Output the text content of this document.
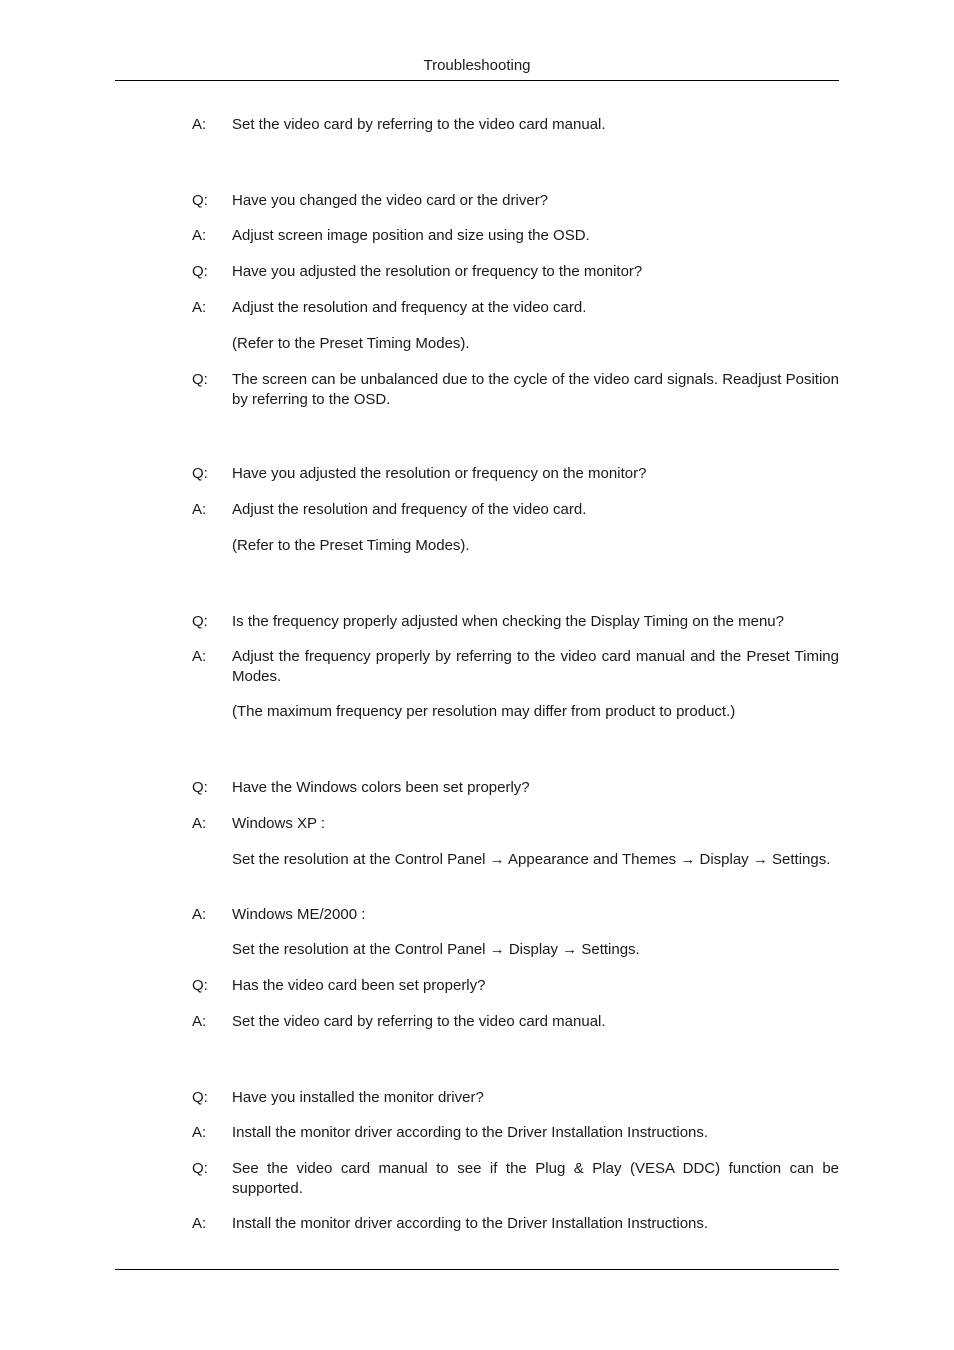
Troubleshooting
A:	Set the video card by referring to the video card manual.
Q:	Have you changed the video card or the driver?
A:	Adjust screen image position and size using the OSD.
Q:	Have you adjusted the resolution or frequency to the monitor?
A:	Adjust the resolution and frequency at the video card.
(Refer to the Preset Timing Modes).
Q:	The screen can be unbalanced due to the cycle of the video card signals. Readjust Position by referring to the OSD.
Q:	Have you adjusted the resolution or frequency on the monitor?
A:	Adjust the resolution and frequency of the video card.
(Refer to the Preset Timing Modes).
Q:	Is the frequency properly adjusted when checking the Display Timing on the menu?
A:	Adjust the frequency properly by referring to the video card manual and the Preset Timing Modes.
(The maximum frequency per resolution may differ from product to product.)
Q:	Have the Windows colors been set properly?
A:	Windows XP :
Set the resolution at the Control Panel → Appearance and Themes → Display → Settings.
A:	Windows ME/2000 :
Set the resolution at the Control Panel → Display → Settings.
Q:	Has the video card been set properly?
A:	Set the video card by referring to the video card manual.
Q:	Have you installed the monitor driver?
A:	Install the monitor driver according to the Driver Installation Instructions.
Q:	See the video card manual to see if the Plug & Play (VESA DDC) function can be supported.
A:	Install the monitor driver according to the Driver Installation Instructions.
